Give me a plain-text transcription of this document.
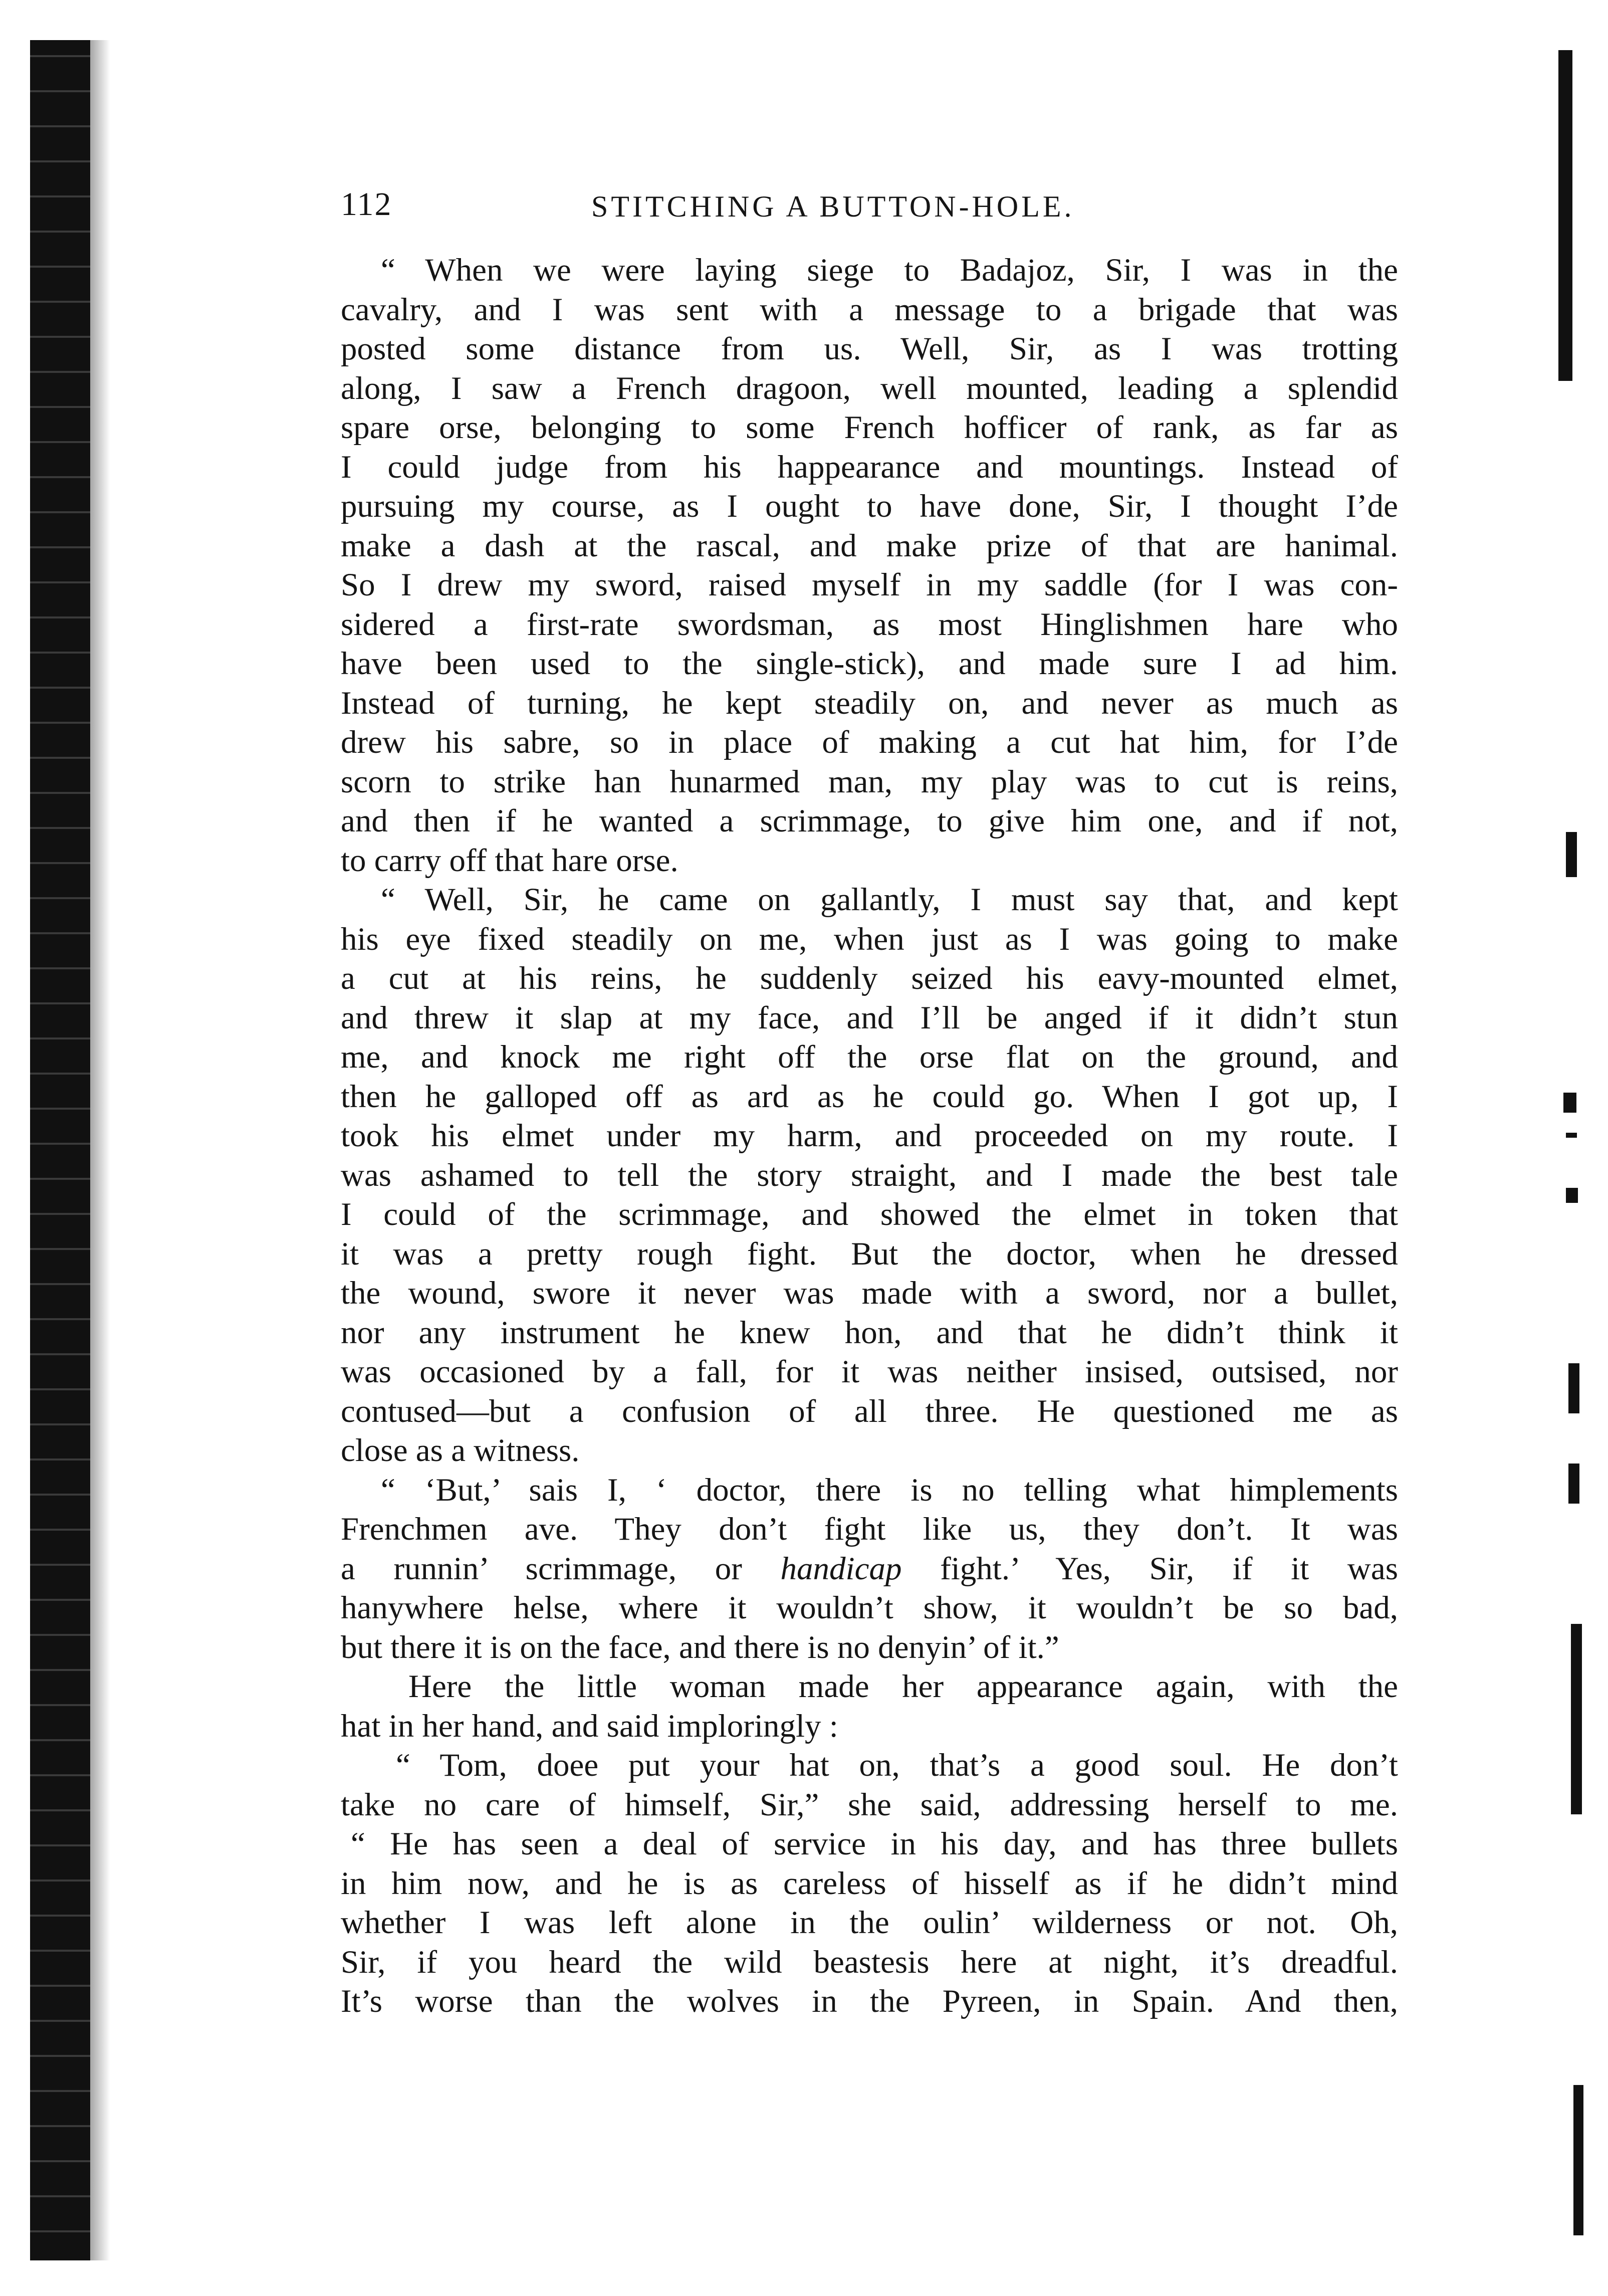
112	STITCHING A BUTTON-HOLE.
“ When we were laying siege to Badajoz, Sir, I was in the
cavalry, and I was sent with a message to a brigade that was
posted some distance from us. Well, Sir, as I was trotting
along, I saw a French dragoon, well mounted, leading a splendid
spare orse, belonging to some French hofficer of rank, as far as
I could judge from his happearance and mountings. Instead of
pursuing my course, as I ought to have done, Sir, I thought I’de
make a dash at the rascal, and make prize of that are hanimal.
So I drew my sword, raised myself in my saddle (for I was con-
sidered a first-rate swordsman, as most Hinglishmen hare who
have been used to the single-stick), and made sure I ad him.
Instead of turning, he kept steadily on, and never as much as
drew his sabre, so in place of making a cut hat him, for I’de
scorn to strike han hunarmed man, my play was to cut is reins,
and then if he wanted a scrimmage, to give him one, and if not,
to carry off that hare orse.
“ Well, Sir, he came on gallantly, I must say that, and kept
his eye fixed steadily on me, when just as I was going to make
a cut at his reins, he suddenly seized his eavy-mounted elmet,
and threw it slap at my face, and I’ll be anged if it didn’t stun
me, and knock me right off the orse flat on the ground, and
then he galloped off as ard as he could go. When I got up, I
took his elmet under my harm, and proceeded on my route. I
was ashamed to tell the story straight, and I made the best tale
I could of the scrimmage, and showed the elmet in token that
it was a pretty rough fight. But the doctor, when he dressed
the wound, swore it never was made with a sword, nor a bullet,
nor any instrument he knew hon, and that he didn’t think it
was occasioned by a fall, for it was neither insised, outsised, nor
contused—but a confusion of all three. He questioned me as
close as a witness.
“ ‘But,’ sais I, ‘ doctor, there is no telling what himplements
Frenchmen ave. They don’t fight like us, they don’t. It was
a runnin’ scrimmage, or handicap fight.’ Yes, Sir, if it was
hanywhere helse, where it wouldn’t show, it wouldn’t be so bad,
but there it is on the face, and there is no denyin’ of it.”
Here the little woman made her appearance again, with the
hat in her hand, and said imploringly :
“ Tom, doee put your hat on, that’s a good soul. He don’t
take no care of himself, Sir,” she said, addressing herself to me.
“ He has seen a deal of service in his day, and has three bullets
in him now, and he is as careless of hisself as if he didn’t mind
whether I was left alone in the oulin’ wilderness or not. Oh,
Sir, if you heard the wild beastesis here at night, it’s dreadful.
It’s worse than the wolves in the Pyreen, in Spain. And then,
